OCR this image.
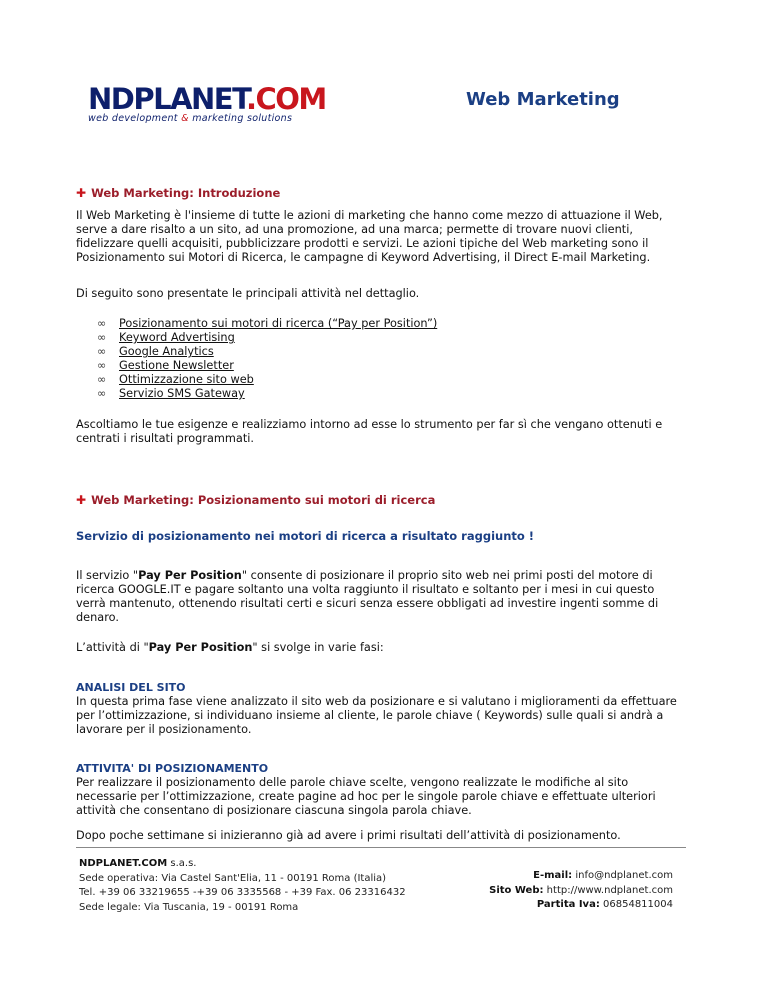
NDPLANET.COM
web development & marketing solutions
Web Marketing
✚ Web Marketing: Introduzione
Il Web Marketing è l'insieme di tutte le azioni di marketing che hanno come mezzo di attuazione il Web,
serve a dare risalto a un sito, ad una promozione, ad una marca; permette di trovare nuovi clienti,
fidelizzare quelli acquisiti, pubblicizzare prodotti e servizi. Le azioni tipiche del Web marketing sono il
Posizionamento sui Motori di Ricerca, le campagne di Keyword Advertising, il Direct E-mail Marketing.
Di seguito sono presentate le principali attività nel dettaglio.
∞ Posizionamento sui motori di ricerca (“Pay per Position”)
∞ Keyword Advertising
∞ Google Analytics
∞ Gestione Newsletter
∞ Ottimizzazione sito web
∞ Servizio SMS Gateway
Ascoltiamo le tue esigenze e realizziamo intorno ad esse lo strumento per far sì che vengano ottenuti e
centrati i risultati programmati.
✚ Web Marketing: Posizionamento sui motori di ricerca
Servizio di posizionamento nei motori di ricerca a risultato raggiunto !
Il servizio "Pay Per Position" consente di posizionare il proprio sito web nei primi posti del motore di
ricerca GOOGLE.IT e pagare soltanto una volta raggiunto il risultato e soltanto per i mesi in cui questo
verrà mantenuto, ottenendo risultati certi e sicuri senza essere obbligati ad investire ingenti somme di
denaro.
L’attività di "Pay Per Position" si svolge in varie fasi:
ANALISI DEL SITO
In questa prima fase viene analizzato il sito web da posizionare e si valutano i miglioramenti da effettuare
per l’ottimizzazione, si individuano insieme al cliente, le parole chiave ( Keywords) sulle quali si andrà a
lavorare per il posizionamento.
ATTIVITA' DI POSIZIONAMENTO
Per realizzare il posizionamento delle parole chiave scelte, vengono realizzate le modifiche al sito
necessarie per l’ottimizzazione, create pagine ad hoc per le singole parole chiave e effettuate ulteriori
attività che consentano di posizionare ciascuna singola parola chiave.
Dopo poche settimane si inizieranno già ad avere i primi risultati dell’attività di posizionamento.
NDPLANET.COM s.a.s.
Sede operativa: Via Castel Sant'Elia, 11 - 00191 Roma (Italia)
Tel. +39 06 33219655 -+39 06 3335568 - +39 Fax. 06 23316432
Sede legale: Via Tuscania, 19 - 00191 Roma
E-mail: info@ndplanet.com
Sito Web: http://www.ndplanet.com
Partita Iva: 06854811004
